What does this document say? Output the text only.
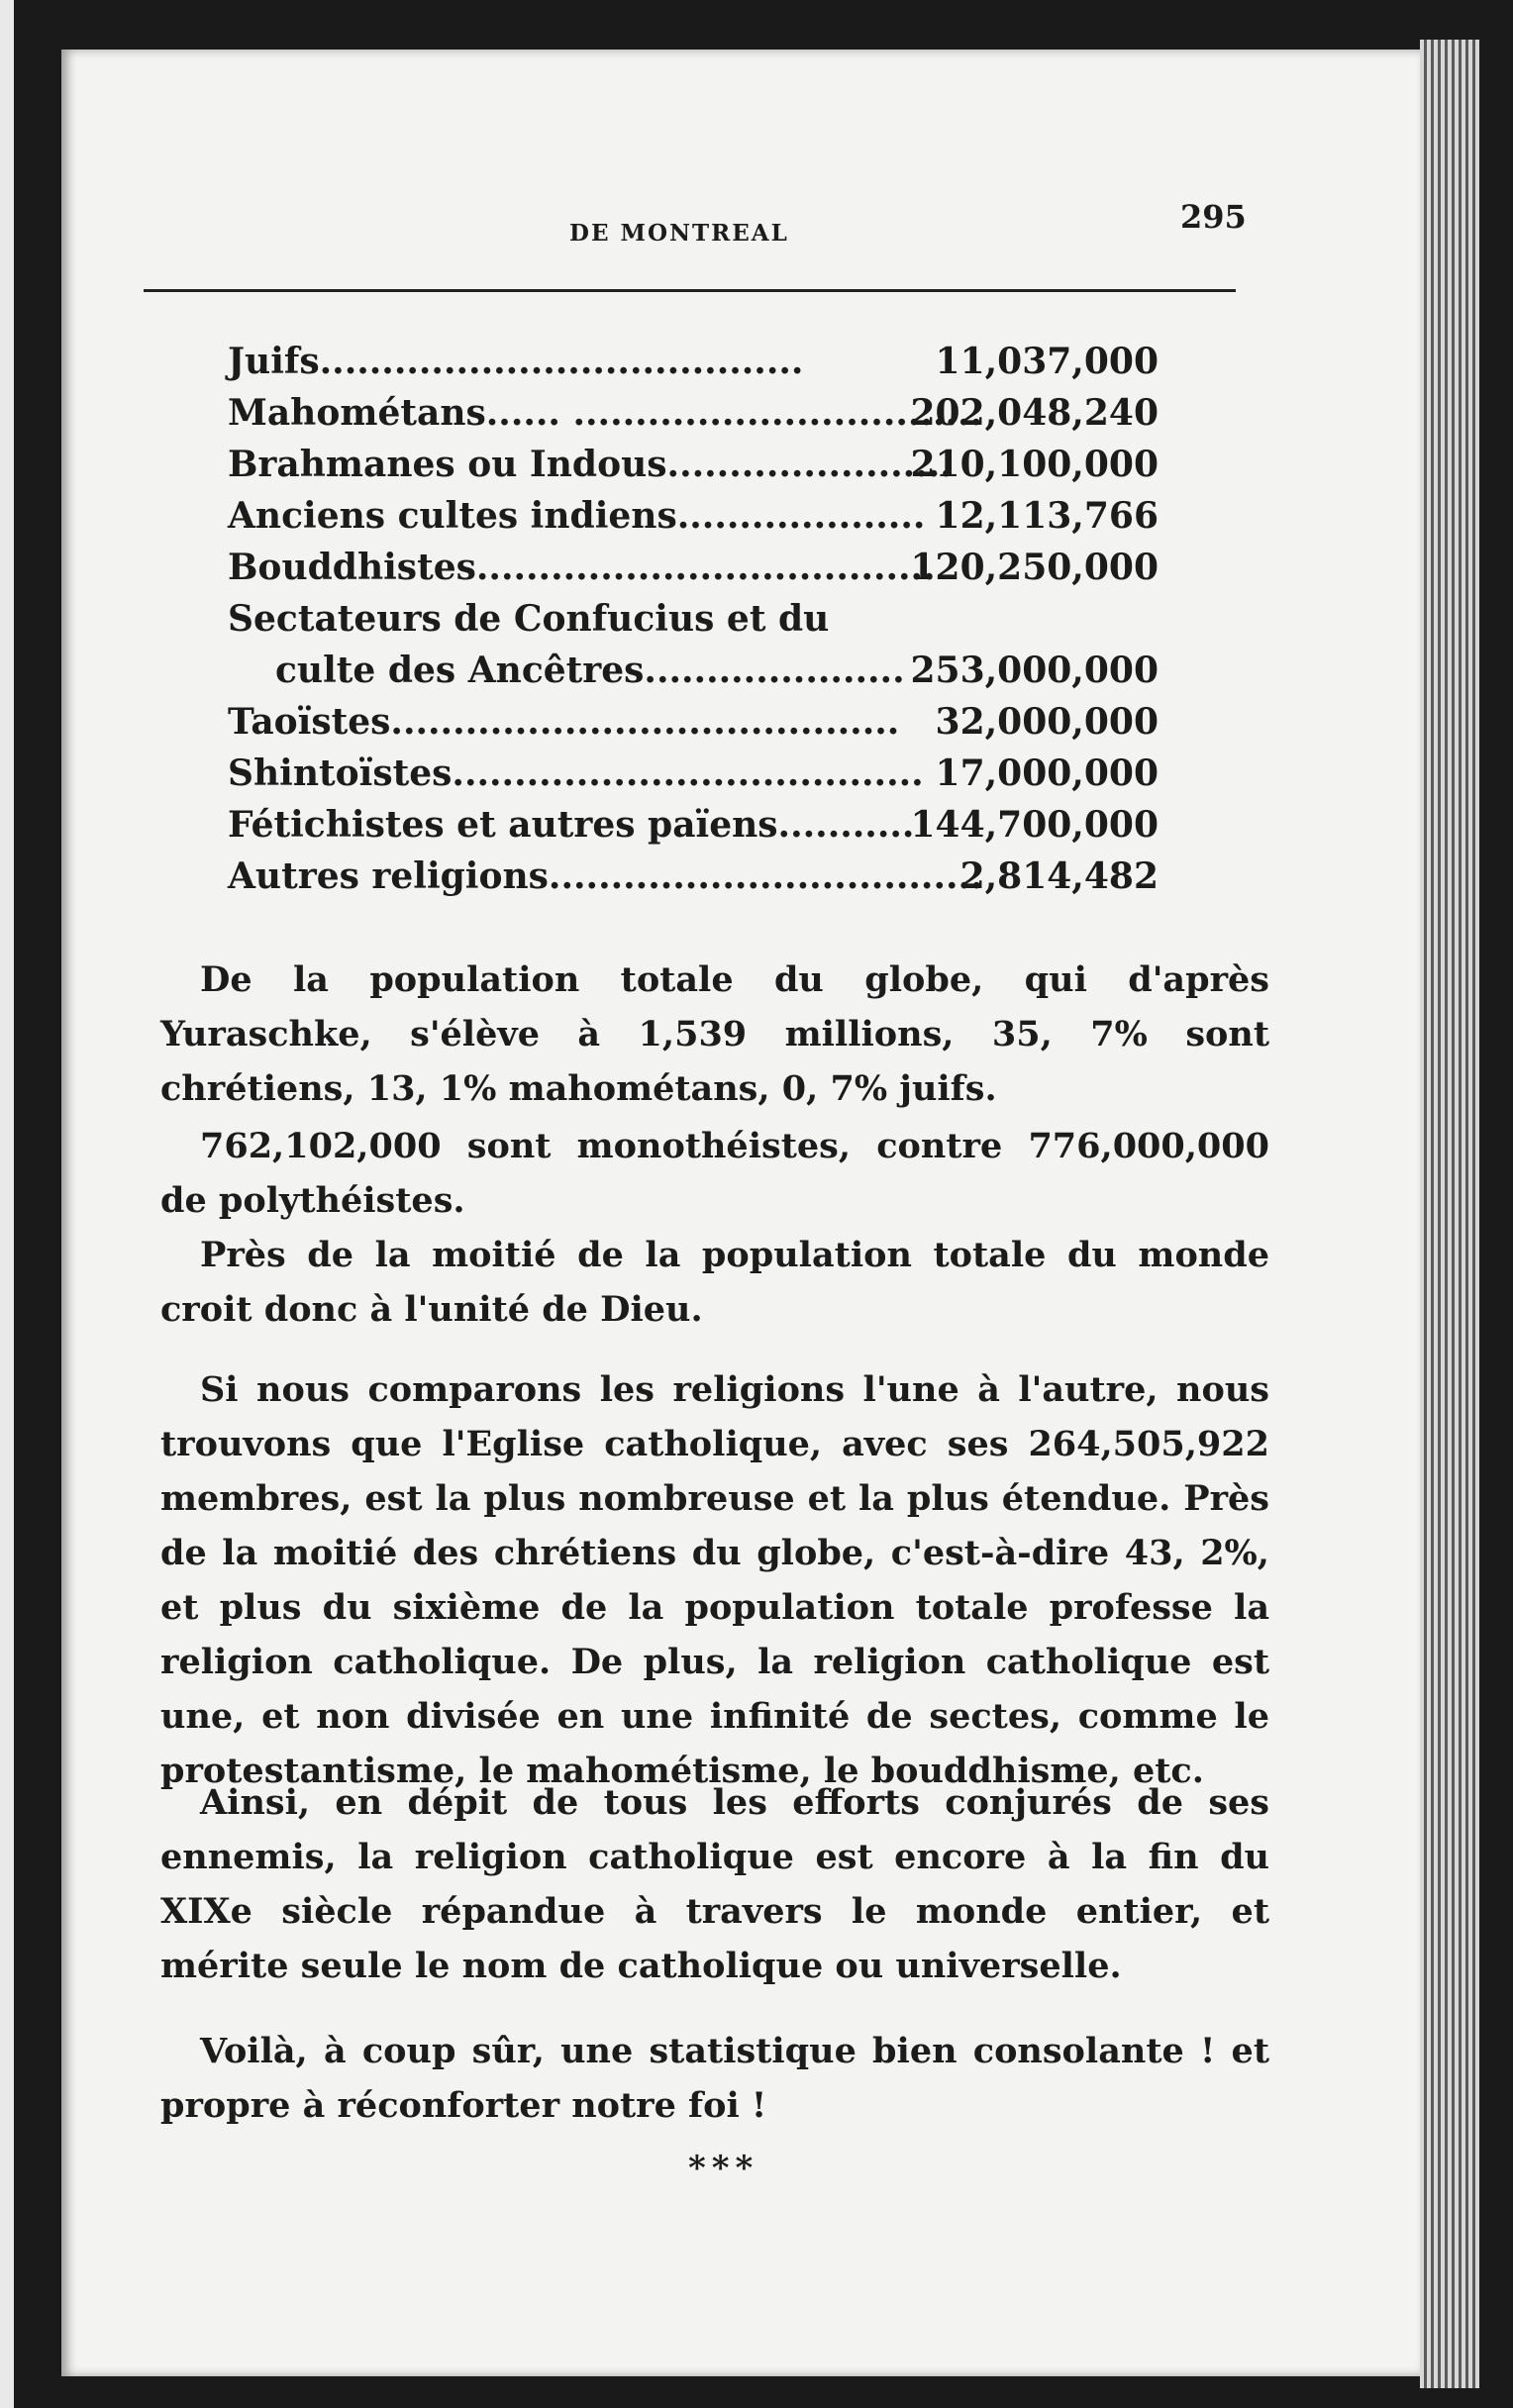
DE MONTREAL	295
Juifs.......................................	11,037,000
Mahométans...... .................................
202,048,240
Brahmanes ou Indous.......................
210,100,000
Anciens cultes indiens.................... 12,113,766
Bouddhistes.....................................
120,250,000
Sectateurs de Confucius et du
culte des Ancêtres..................... 253,000,000
Taoïstes......................................... 32,000,000
Shintoïstes...................................... 17,000,000
Fétichistes et autres païens...........
144,700,000
Autres religions...................................
2,814,482
De la population totale du globe, qui d'après Yuraschke, s'élève à 1,539 millions, 35, 7% sont chrétiens, 13, 1% mahométans, 0, 7% juifs.
762,102,000 sont monothéistes, contre 776,000,000 de polythéistes.
Près de la moitié de la population totale du monde croit donc à l'unité de Dieu.
Si nous comparons les religions l'une à l'autre, nous trouvons que l'Eglise catholique, avec ses 264,505,922 membres, est la plus nombreuse et la plus étendue. Près de la moitié des chrétiens du globe, c'est-à-dire 43, 2%, et plus du sixième de la population totale professe la religion catholique. De plus, la religion catholique est une, et non divisée en une infinité de sectes, comme le protestantisme, le mahométisme, le bouddhisme, etc.
Ainsi, en dépit de tous les efforts conjurés de ses ennemis, la religion catholique est encore à la fin du XIXe siècle répandue à travers le monde entier, et mérite seule le nom de catholique ou universelle.
Voilà, à coup sûr, une statistique bien consolante ! et propre à réconforter notre foi !
***
